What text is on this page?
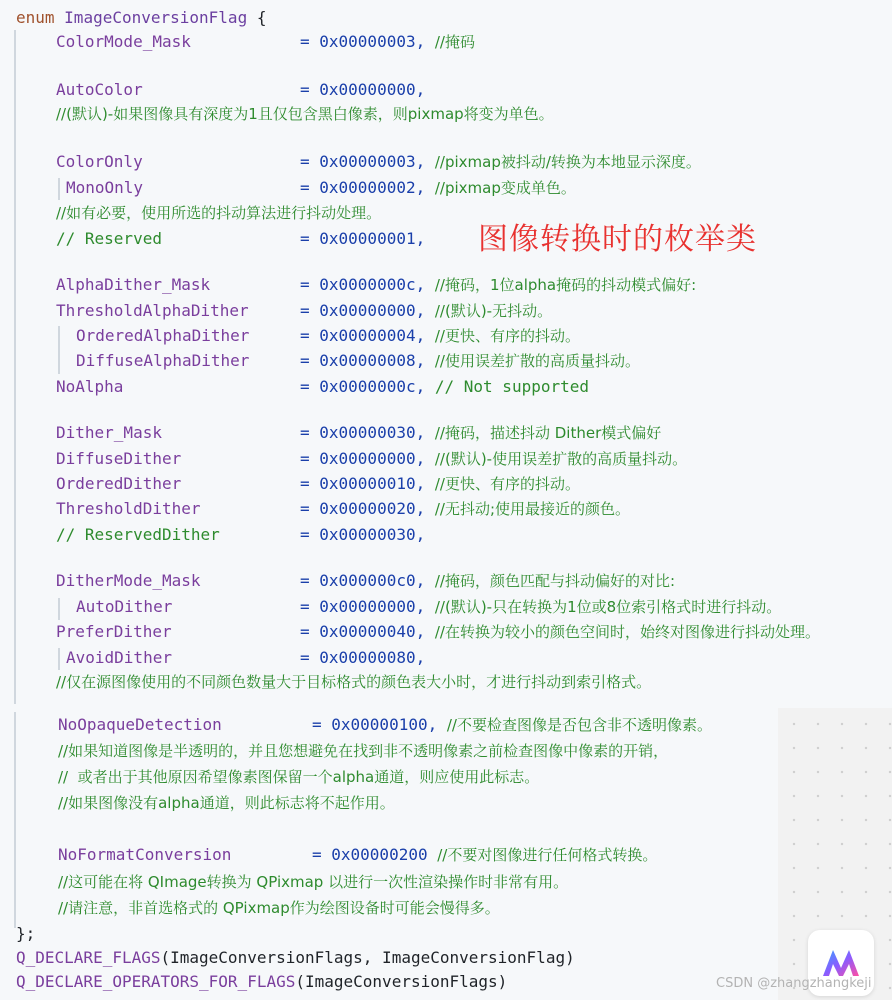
enum ImageConversionFlag {
ColorMode_Mask	= 0x00000003, //掩码
AutoColor	= 0x00000000,
//(默认)-如果图像具有深度为1且仅包含黑白像素，则pixmap将变为单色。
ColorOnly	= 0x00000003, //pixmap被抖动/转换为本地显示深度。
MonoOnly	= 0x00000002, //pixmap变成单色。
//如有必要，使用所选的抖动算法进行抖动处理。
// Reserved	= 0x00000001, 图像转换时的枚举类
AlphaDither_Mask	= 0x0000000c, //掩码，1位alpha掩码的抖动模式偏好:
ThresholdAlphaDither	= 0x00000000, //(默认)-无抖动。
OrderedAlphaDither	= 0x00000004, //更快、有序的抖动。
DiffuseAlphaDither	= 0x00000008, //使用误差扩散的高质量抖动。
NoAlpha	= 0x0000000c, // Not supported
Dither_Mask	= 0x00000030, //掩码，描述抖动 Dither模式偏好
DiffuseDither	= 0x00000000, //(默认)-使用误差扩散的高质量抖动。
OrderedDither	= 0x00000010, //更快、有序的抖动。
ThresholdDither	= 0x00000020, //无抖动;使用最接近的颜色。
// ReservedDither	= 0x00000030,
DitherMode_Mask	= 0x000000c0, //掩码，颜色匹配与抖动偏好的对比:
AutoDither	= 0x00000000, //(默认)-只在转换为1位或8位索引格式时进行抖动。
PreferDither	= 0x00000040, //在转换为较小的颜色空间时，始终对图像进行抖动处理。
AvoidDither	= 0x00000080,
//仅在源图像使用的不同颜色数量大于目标格式的颜色表大小时，才进行抖动到索引格式。
NoOpaqueDetection	= 0x00000100, //不要检查图像是否包含非不透明像素。
//如果知道图像是半透明的，并且您想避免在找到非不透明像素之前检查图像中像素的开销，
//  或者出于其他原因希望像素图保留一个alpha通道，则应使用此标志。
//如果图像没有alpha通道，则此标志将不起作用。
NoFormatConversion	= 0x00000200 //不要对图像进行任何格式转换。
//这可能在将 QImage转换为 QPixmap 以进行一次性渲染操作时非常有用。
//请注意，非首选格式的 QPixmap作为绘图设备时可能会慢得多。
};
Q_DECLARE_FLAGS(ImageConversionFlags, ImageConversionFlag)
Q_DECLARE_OPERATORS_FOR_FLAGS(ImageConversionFlags)	CSDN @zhangzhangkeji
